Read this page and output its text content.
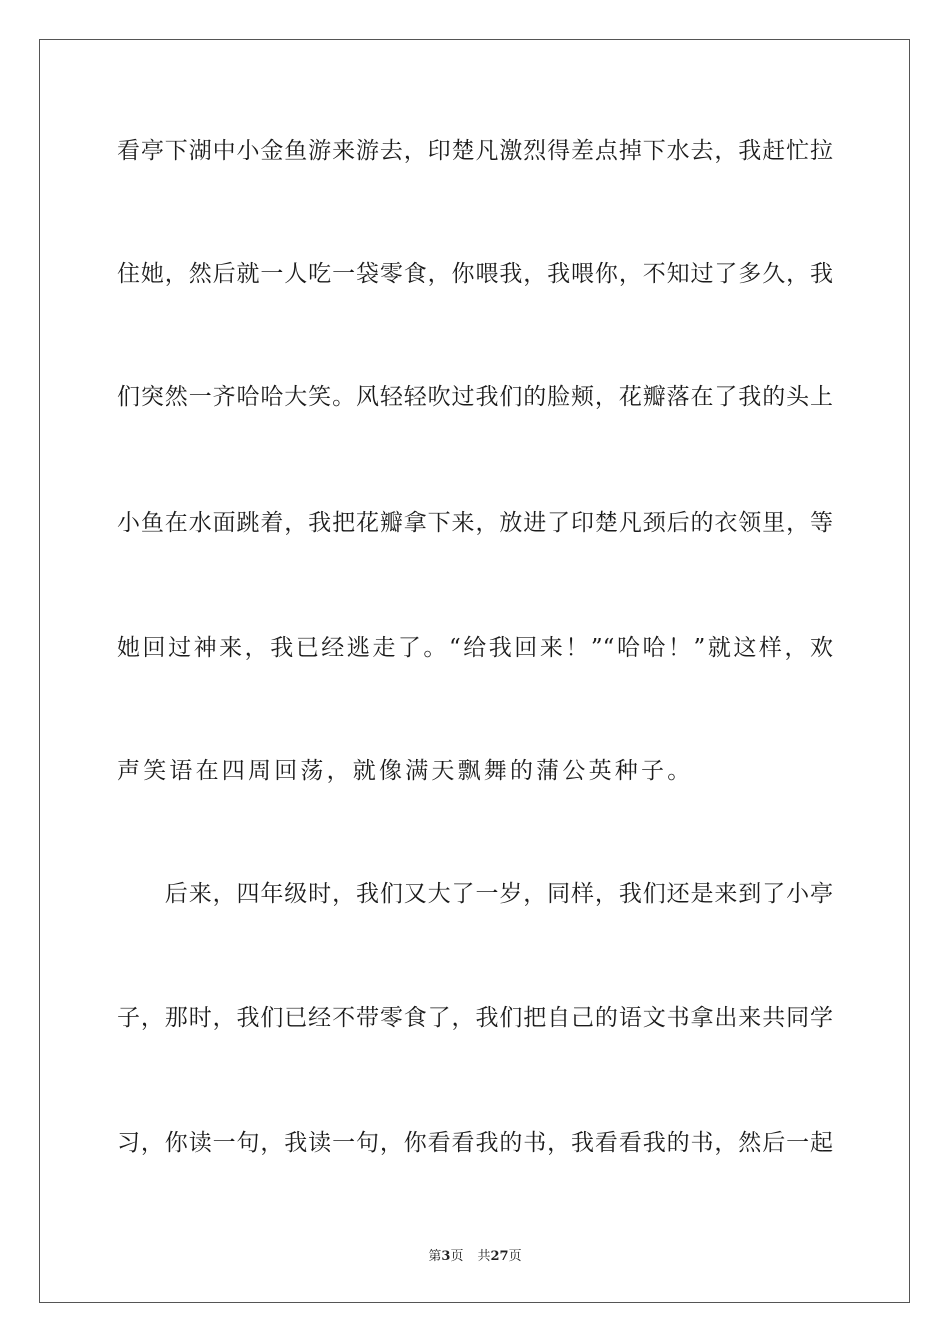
看亭下湖中小金鱼游来游去，印楚凡激烈得差点掉下水去，我赶忙拉
住她，然后就一人吃一袋零食，你喂我，我喂你，不知过了多久，我
们突然一齐哈哈大笑。风轻轻吹过我们的脸颊，花瓣落在了我的头上
小鱼在水面跳着，我把花瓣拿下来，放进了印楚凡颈后的衣领里，等
她回过神来，我已经逃走了。“给我回来！”“哈哈！”就这样，欢
声笑语在四周回荡，就像满天飘舞的蒲公英种子。
　　后来，四年级时，我们又大了一岁，同样，我们还是来到了小亭
子，那时，我们已经不带零食了，我们把自己的语文书拿出来共同学
习，你读一句，我读一句，你看看我的书，我看看我的书，然后一起
第3页 共27页
